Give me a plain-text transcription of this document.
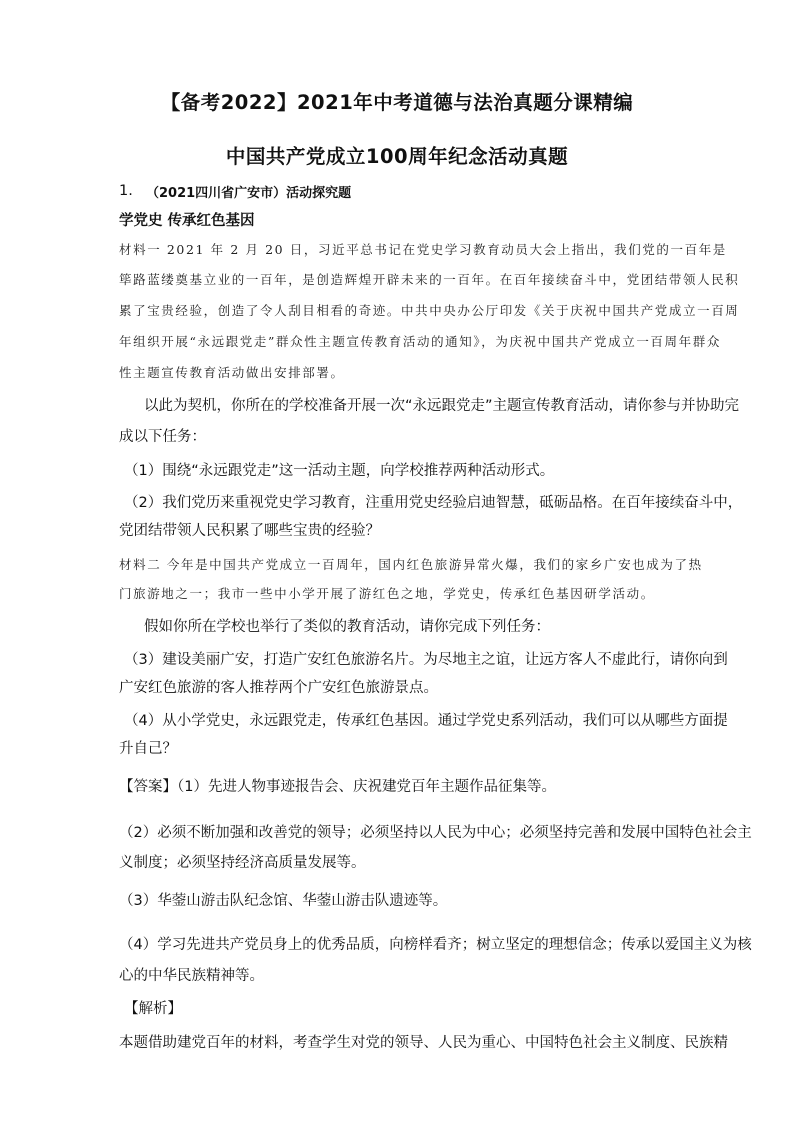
【备考2022】2021年中考道德与法治真题分课精编
中国共产党成立100周年纪念活动真题
1. （2021四川省广安市）活动探究题
学党史 传承红色基因
材料一 2021 年 2 月 20 日，习近平总书记在党史学习教育动员大会上指出，我们党的一百年是
筚路蓝缕奠基立业的一百年，是创造辉煌开辟未来的一百年。在百年接续奋斗中，党团结带领人民积
累了宝贵经验，创造了令人刮目相看的奇迹。中共中央办公厅印发《关于庆祝中国共产党成立一百周
年组织开展“永远跟党走”群众性主题宣传教育活动的通知》，为庆祝中国共产党成立一百周年群众
性主题宣传教育活动做出安排部署。
以此为契机，你所在的学校准备开展一次“永远跟党走”主题宣传教育活动，请你参与并协助完
成以下任务：
（1）围绕“永远跟党走”这一活动主题，向学校推荐两种活动形式。
（2）我们党历来重视党史学习教育，注重用党史经验启迪智慧，砥砺品格。在百年接续奋斗中，
党团结带领人民积累了哪些宝贵的经验？
材料二 今年是中国共产党成立一百周年，国内红色旅游异常火爆，我们的家乡广安也成为了热
门旅游地之一；我市一些中小学开展了游红色之地，学党史，传承红色基因研学活动。
假如你所在学校也举行了类似的教育活动，请你完成下列任务：
（3）建设美丽广安，打造广安红色旅游名片。为尽地主之谊，让远方客人不虚此行，请你向到
广安红色旅游的客人推荐两个广安红色旅游景点。
（4）从小学党史，永远跟党走，传承红色基因。通过学党史系列活动，我们可以从哪些方面提
升自己？
【答案】（1）先进人物事迹报告会、庆祝建党百年主题作品征集等。
（2）必须不断加强和改善党的领导；必须坚持以人民为中心；必须坚持完善和发展中国特色社会主
义制度；必须坚持经济高质量发展等。
（3）华蓥山游击队纪念馆、华蓥山游击队遗迹等。
（4）学习先进共产党员身上的优秀品质，向榜样看齐；树立坚定的理想信念；传承以爱国主义为核
心的中华民族精神等。
【解析】
本题借助建党百年的材料，考查学生对党的领导、人民为重心、中国特色社会主义制度、民族精
